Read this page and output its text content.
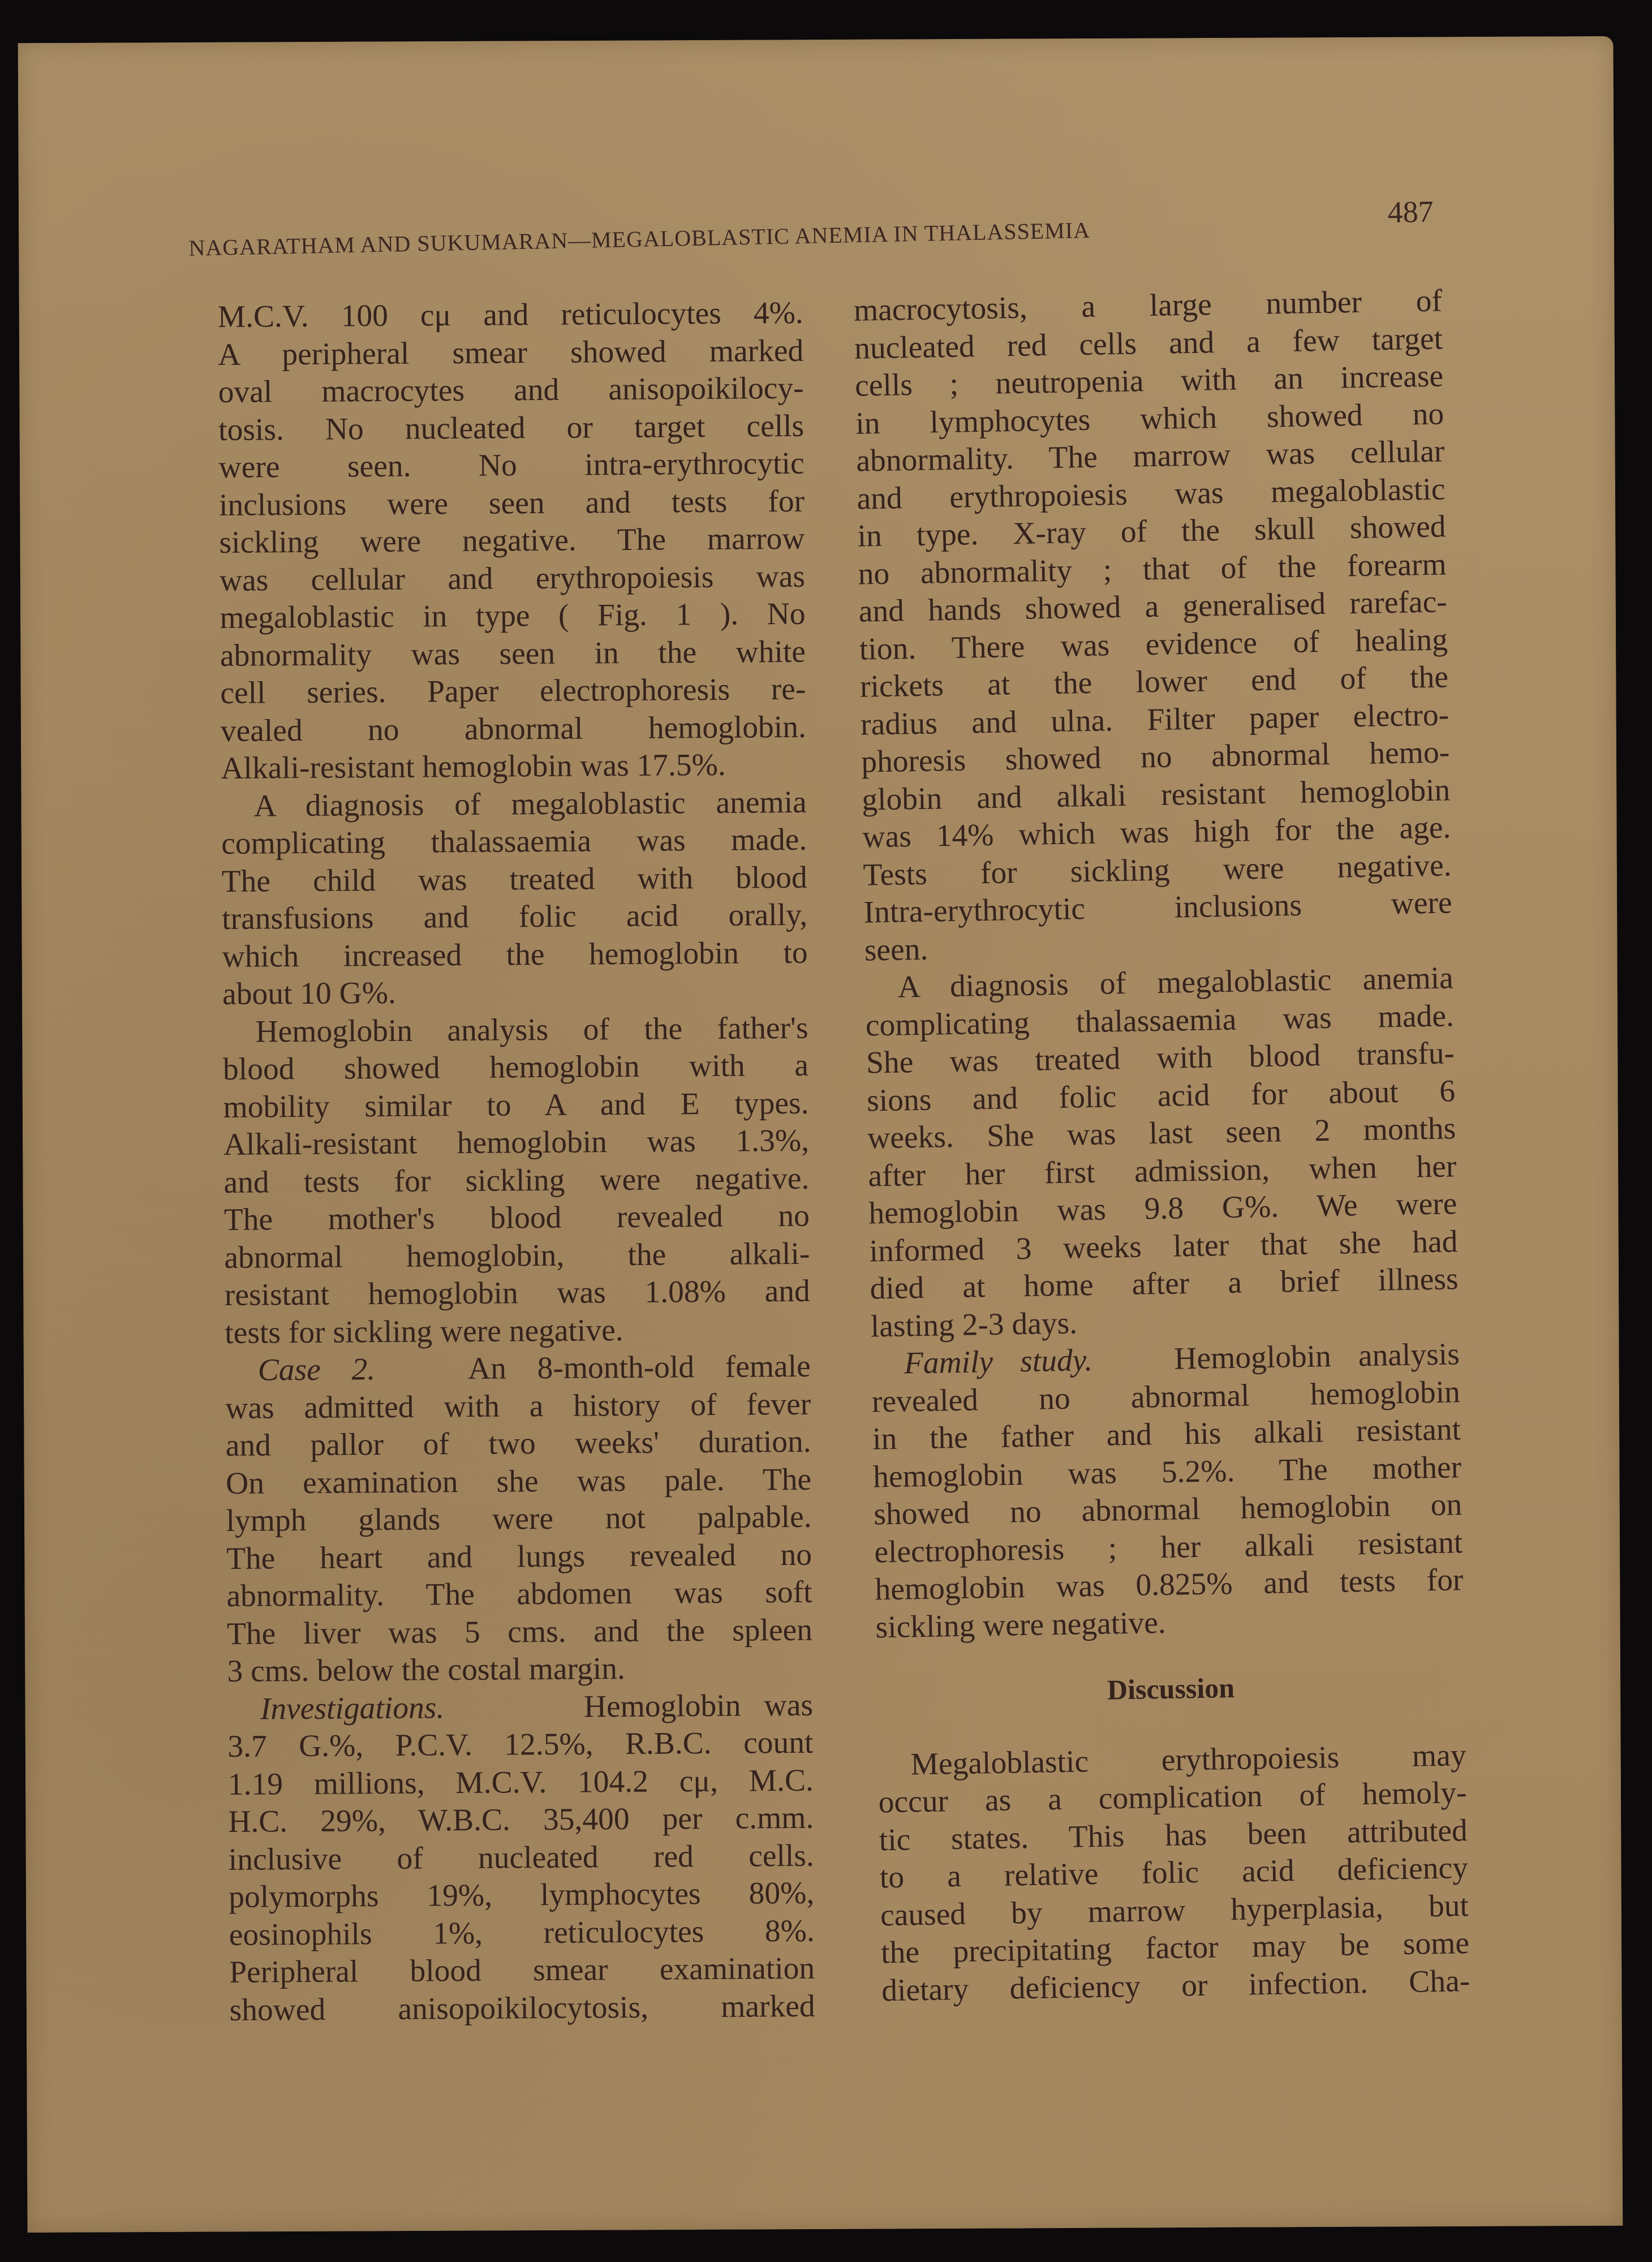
NAGARATHAM AND SUKUMARAN—MEGALOBLASTIC ANEMIA IN THALASSEMIA
487
M.C.V. 100 cμ and reticulocytes 4%.
A peripheral smear showed marked
oval macrocytes and anisopoikilocy-
tosis. No nucleated or target cells
were seen. No intra-erythrocytic
inclusions were seen and tests for
sickling were negative. The marrow
was cellular and erythropoiesis was
megaloblastic in type ( Fig. 1 ). No
abnormality was seen in the white
cell series. Paper electrophoresis re-
vealed no abnormal hemoglobin.
Alkali-resistant hemoglobin was 17.5%.
A diagnosis of megaloblastic anemia
complicating thalassaemia was made.
The child was treated with blood
transfusions and folic acid orally,
which increased the hemoglobin to
about 10 G%.
Hemoglobin analysis of the father's
blood showed hemoglobin with a
mobility similar to A and E types.
Alkali-resistant hemoglobin was 1.3%,
and tests for sickling were negative.
The mother's blood revealed no
abnormal hemoglobin, the alkali-
resistant hemoglobin was 1.08% and
tests for sickling were negative.
Case 2.	An 8-month-old female
was admitted with a history of fever
and pallor of two weeks' duration.
On examination she was pale. The
lymph glands were not palpable.
The heart and lungs revealed no
abnormality. The abdomen was soft
The liver was 5 cms. and the spleen
3 cms. below the costal margin.
Investigations.	Hemoglobin was
3.7 G.%, P.C.V. 12.5%, R.B.C. count
1.19 millions, M.C.V. 104.2 cμ, M.C.
H.C. 29%, W.B.C. 35,400 per c.mm.
inclusive of nucleated red cells.
polymorphs 19%, lymphocytes 80%,
eosinophils 1%, reticulocytes 8%.
Peripheral blood smear examination
showed anisopoikilocytosis, marked
macrocytosis, a large number of
nucleated red cells and a few target
cells ; neutropenia with an increase
in lymphocytes which showed no
abnormality. The marrow was cellular
and erythropoiesis was megaloblastic
in type. X-ray of the skull showed
no abnormality ; that of the forearm
and hands showed a generalised rarefac-
tion. There was evidence of healing
rickets at the lower end of the
radius and ulna. Filter paper electro-
phoresis showed no abnormal hemo-
globin and alkali resistant hemoglobin
was 14% which was high for the age.
Tests for sickling were negative.
Intra-erythrocytic inclusions were
seen.
A diagnosis of megaloblastic anemia
complicating thalassaemia was made.
She was treated with blood transfu-
sions and folic acid for about 6
weeks. She was last seen 2 months
after her first admission, when her
hemoglobin was 9.8 G%. We were
informed 3 weeks later that she had
died at home after a brief illness
lasting 2-3 days.
Family study.	Hemoglobin analysis
revealed no abnormal hemoglobin
in the father and his alkali resistant
hemoglobin was 5.2%. The mother
showed no abnormal hemoglobin on
electrophoresis ; her alkali resistant
hemoglobin was 0.825% and tests for
sickling were negative.
Discussion
Megaloblastic erythropoiesis may
occur as a complication of hemoly-
tic states. This has been attributed
to a relative folic acid deficiency
caused by marrow hyperplasia, but
the precipitating factor may be some
dietary deficiency or infection. Cha-
